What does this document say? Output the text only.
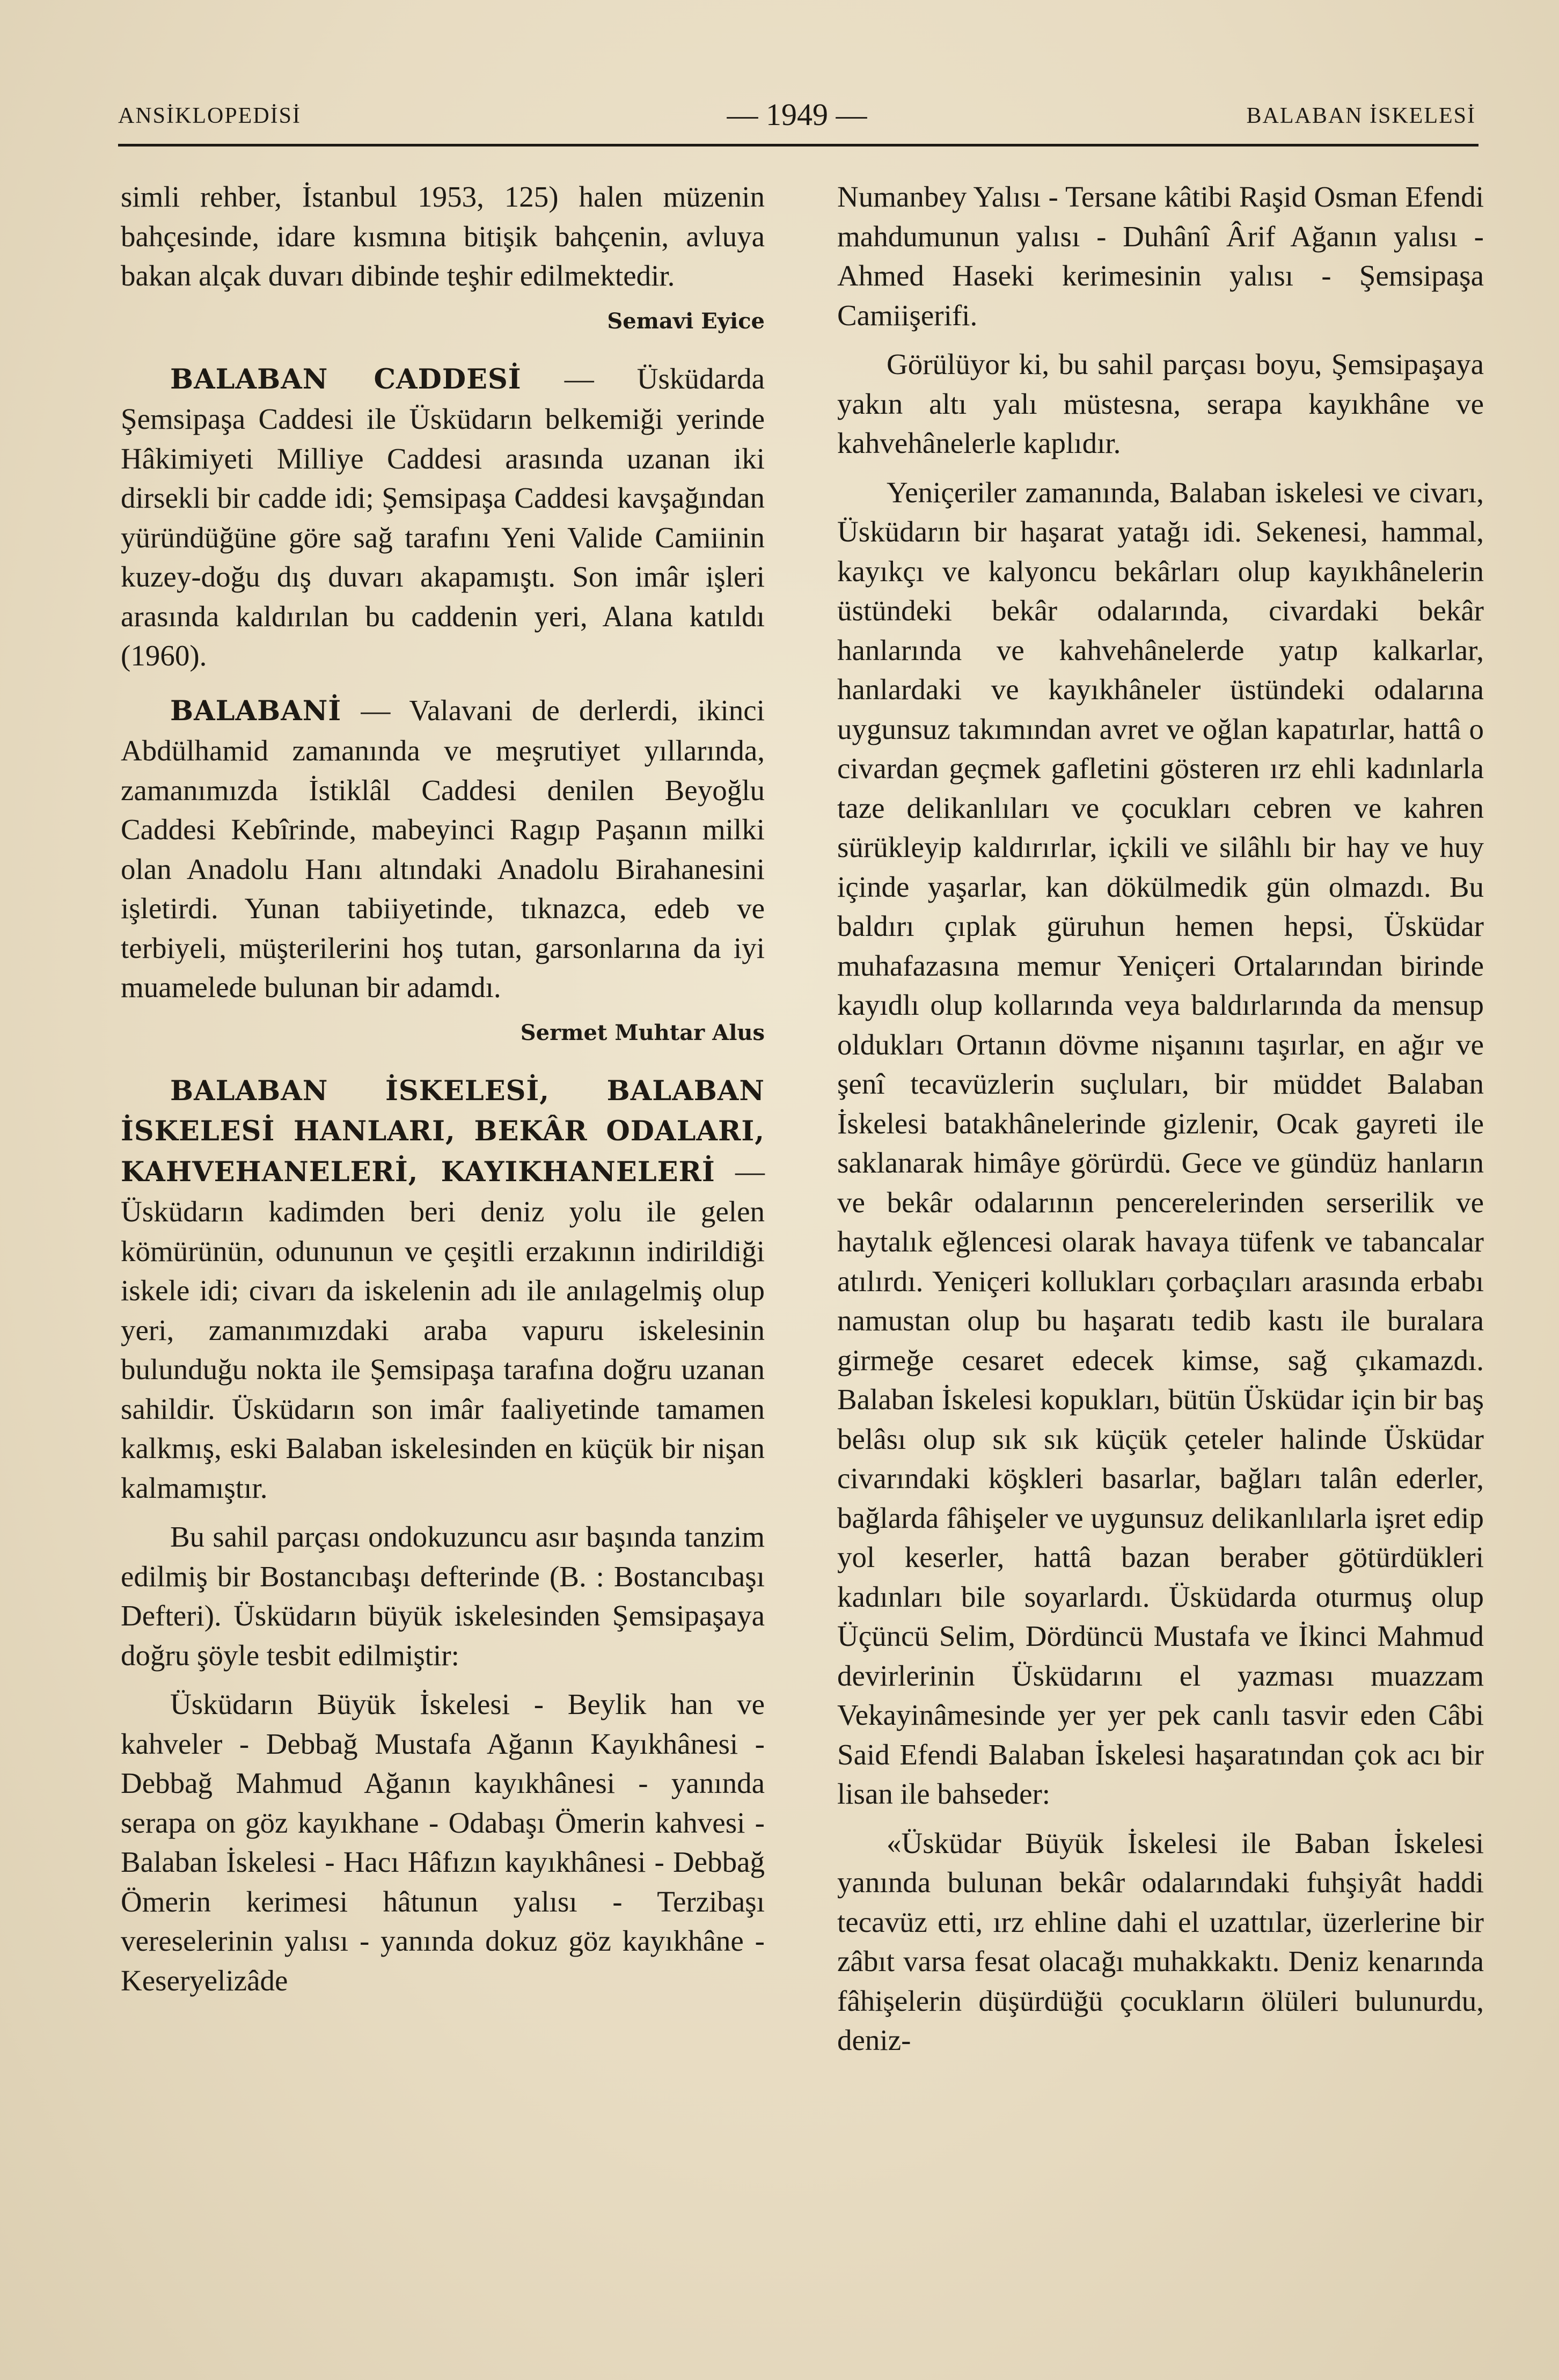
ANSİKLOPEDİSİ	— 1949 —	BALABAN İSKELESİ

simli rehber, İstanbul 1953, 125) halen müzenin bahçesinde, idare kısmına bitişik bahçenin, avluya bakan alçak duvarı dibinde teşhir edilmektedir.

Semavi Eyice

BALABAN CADDESİ — Üsküdarda Şemsipaşa Caddesi ile Üsküdarın belkemiği yerinde Hâkimiyeti Milliye Caddesi arasında uzanan iki dirsekli bir cadde idi; Şemsipaşa Caddesi kavşağından yüründüğüne göre sağ tarafını Yeni Valide Camiinin kuzey-doğu dış duvarı akapamıştı. Son imâr işleri arasında kaldırılan bu caddenin yeri, Alana katıldı (1960).

BALABANİ — Valavani de derlerdi, ikinci Abdülhamid zamanında ve meşrutiyet yıllarında, zamanımızda İstiklâl Caddesi denilen Beyoğlu Caddesi Kebîrinde, mabeyinci Ragıp Paşanın milki olan Anadolu Hanı altındaki Anadolu Birahanesini işletirdi. Yunan tabiiyetinde, tıknazca, edeb ve terbiyeli, müşterilerini hoş tutan, garsonlarına da iyi muamelede bulunan bir adamdı.

Sermet Muhtar Alus

BALABAN İSKELESİ, BALABAN İSKELESİ HANLARI, BEKÂR ODALARI, KAHVEHANELERİ, KAYIKHANELERİ — Üsküdarın kadimden beri deniz yolu ile gelen kömürünün, odununun ve çeşitli erzakının indirildiği iskele idi; civarı da iskelenin adı ile anılagelmiş olup yeri, zamanımızdaki araba vapuru iskelesinin bulunduğu nokta ile Şemsipaşa tarafına doğru uzanan sahildir. Üsküdarın son imâr faaliyetinde tamamen kalkmış, eski Balaban iskelesinden en küçük bir nişan kalmamıştır.

Bu sahil parçası ondokuzuncu asır başında tanzim edilmiş bir Bostancıbaşı defterinde (B. : Bostancıbaşı Defteri). Üsküdarın büyük iskelesinden Şemsipaşaya doğru şöyle tesbit edilmiştir:

Üsküdarın Büyük İskelesi - Beylik han ve kahveler - Debbağ Mustafa Ağanın Kayıkhânesi - Debbağ Mahmud Ağanın kayıkhânesi - yanında serapa on göz kayıkhane - Odabaşı Ömerin kahvesi - Balaban İskelesi - Hacı Hâfızın kayıkhânesi - Debbağ Ömerin kerimesi hâtunun yalısı - Terzibaşı vereselerinin yalısı - yanında dokuz göz kayıkhâne - Keseryelizâde

Numanbey Yalısı - Tersane kâtibi Raşid Osman Efendi mahdumunun yalısı - Duhânî Ârif Ağanın yalısı - Ahmed Haseki kerimesinin yalısı - Şemsipaşa Camiişerifi.

Görülüyor ki, bu sahil parçası boyu, Şemsipaşaya yakın altı yalı müstesna, serapa kayıkhâne ve kahvehânelerle kaplıdır.

Yeniçeriler zamanında, Balaban iskelesi ve civarı, Üsküdarın bir haşarat yatağı idi. Sekenesi, hammal, kayıkçı ve kalyoncu bekârları olup kayıkhânelerin üstündeki bekâr odalarında, civardaki bekâr hanlarında ve kahvehânelerde yatıp kalkarlar, hanlardaki ve kayıkhâneler üstündeki odalarına uygunsuz takımından avret ve oğlan kapatırlar, hattâ o civardan geçmek gafletini gösteren ırz ehli kadınlarla taze delikanlıları ve çocukları cebren ve kahren sürükleyip kaldırırlar, içkili ve silâhlı bir hay ve huy içinde yaşarlar, kan dökülmedik gün olmazdı. Bu baldırı çıplak güruhun hemen hepsi, Üsküdar muhafazasına memur Yeniçeri Ortalarından birinde kayıdlı olup kollarında veya baldırlarında da mensup oldukları Ortanın dövme nişanını taşırlar, en ağır ve şenî tecavüzlerin suçluları, bir müddet Balaban İskelesi batakhânelerinde gizlenir, Ocak gayreti ile saklanarak himâye görürdü. Gece ve gündüz hanların ve bekâr odalarının pencerelerinden serserilik ve haytalık eğlencesi olarak havaya tüfenk ve tabancalar atılırdı. Yeniçeri kollukları çorbaçıları arasında erbabı namustan olup bu haşaratı tedib kastı ile buralara girmeğe cesaret edecek kimse, sağ çıkamazdı. Balaban İskelesi kopukları, bütün Üsküdar için bir baş belâsı olup sık sık küçük çeteler halinde Üsküdar civarındaki köşkleri basarlar, bağları talân ederler, bağlarda fâhişeler ve uygunsuz delikanlılarla işret edip yol keserler, hattâ bazan beraber götürdükleri kadınları bile soyarlardı. Üsküdarda oturmuş olup Üçüncü Selim, Dördüncü Mustafa ve İkinci Mahmud devirlerinin Üsküdarını el yazması muazzam Vekayinâmesinde yer yer pek canlı tasvir eden Câbi Said Efendi Balaban İskelesi haşaratından çok acı bir lisan ile bahseder:

«Üsküdar Büyük İskelesi ile Baban İskelesi yanında bulunan bekâr odalarındaki fuhşiyât haddi tecavüz etti, ırz ehline dahi el uzattılar, üzerlerine bir zâbıt varsa fesat olacağı muhakkaktı. Deniz kenarında fâhişelerin düşürdüğü çocukların ölüleri bulunurdu, deniz-
